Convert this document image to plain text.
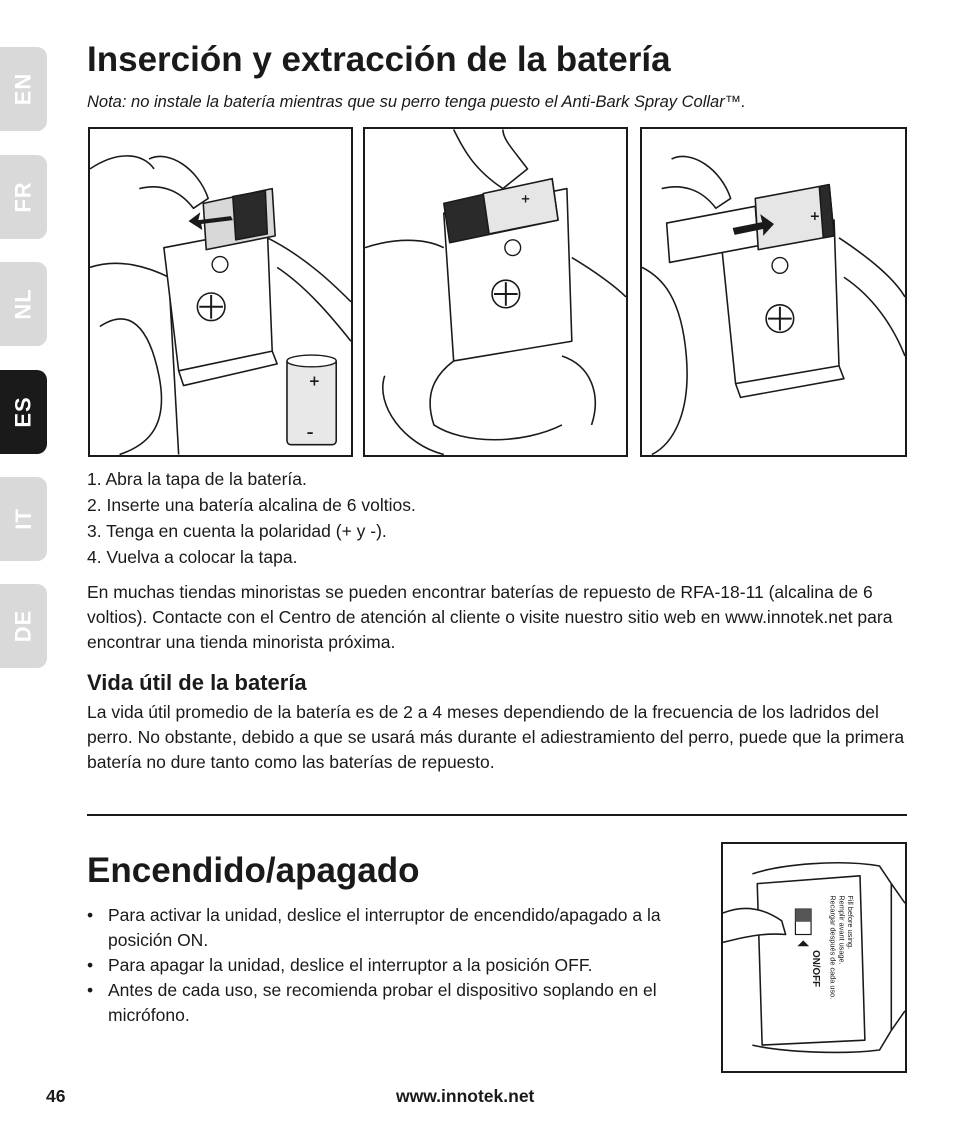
EN
FR
NL
ES
IT
DE
Inserción y extracción de la batería

Nota: no instale la batería mientras que su perro tenga puesto el Anti-Bark Spray Collar™.

+
–
+
+
1. Abra la tapa de la batería.
2. Inserte una batería alcalina de 6 voltios.
3. Tenga en cuenta la polaridad (+ y -).
4. Vuelva a colocar la tapa.

En muchas tiendas minoristas se pueden encontrar baterías de repuesto de RFA-18-11 (alcalina de 6 voltios). Contacte con el Centro de atención al cliente o visite nuestro sitio web en www.innotek.net para encontrar una tienda minorista próxima.

Vida útil de la batería

La vida útil promedio de la batería es de 2 a 4 meses dependiendo de la frecuencia de los ladridos del perro. No obstante, debido a que se usará más durante el adiestramiento del perro, puede que la primera batería no dure tanto como las baterías de repuesto.

Encendido/apagado
• Para activar la unidad, deslice el interruptor de encendido/apagado a la posición ON.
• Para apagar la unidad, deslice el interruptor a la posición OFF.
• Antes de cada uso, se recomienda probar el dispositivo soplando en el micrófono.
ON/OFF
Fill before using.
Remplir avant usage.
Recargar después de cada uso.
46	www.innotek.net
